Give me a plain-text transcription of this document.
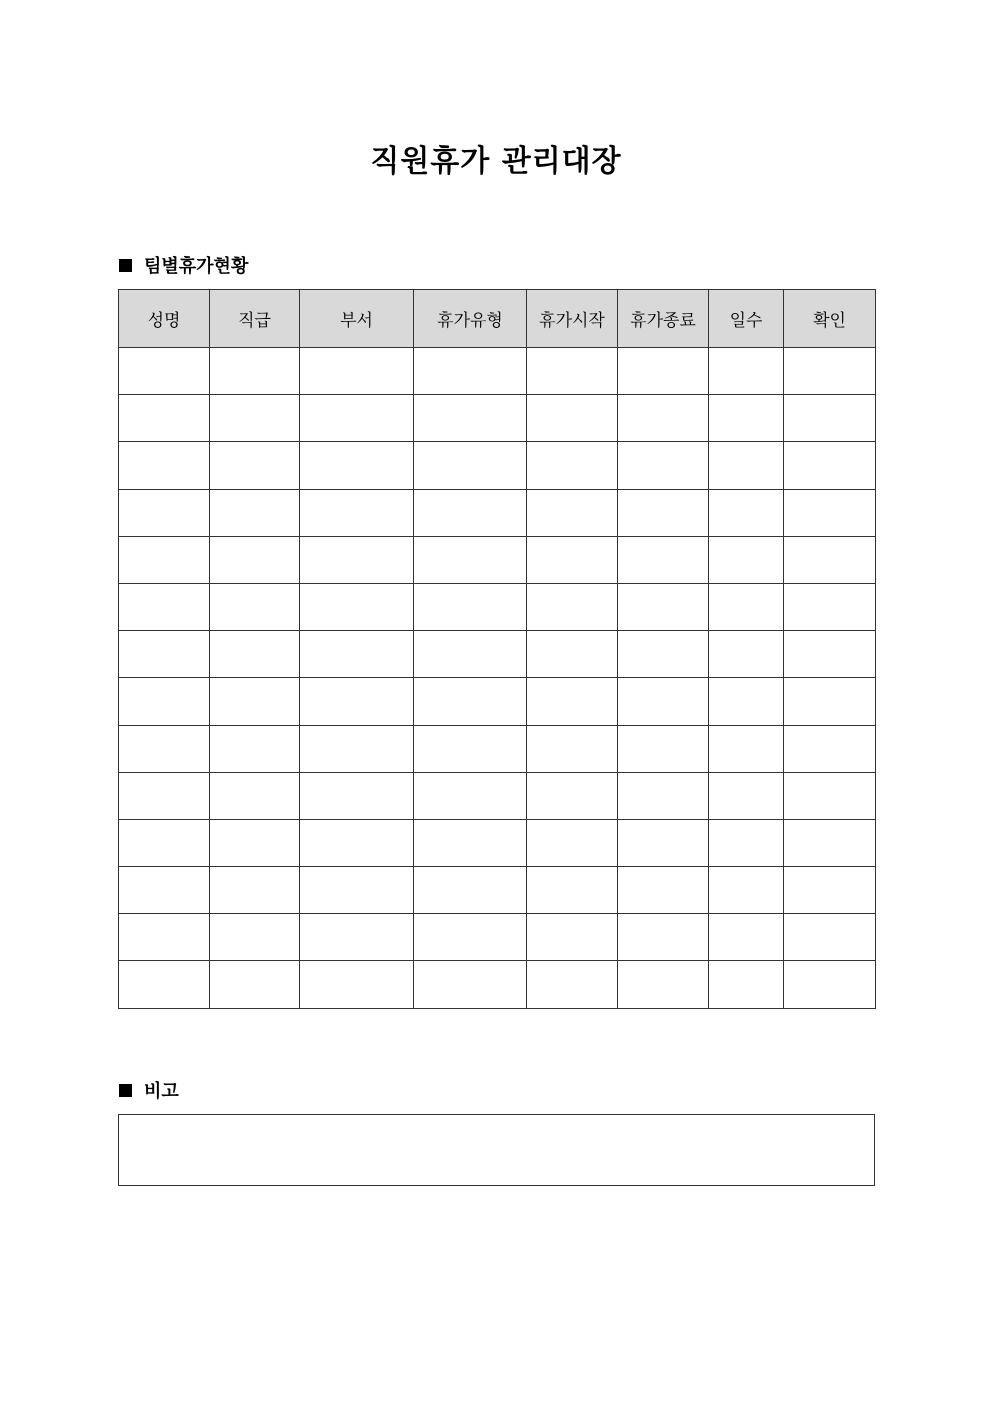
직원휴가 관리대장
팀별휴가현황
성명	직급	부서	휴가유형	휴가시작	휴가종료	일수	확인

비고
